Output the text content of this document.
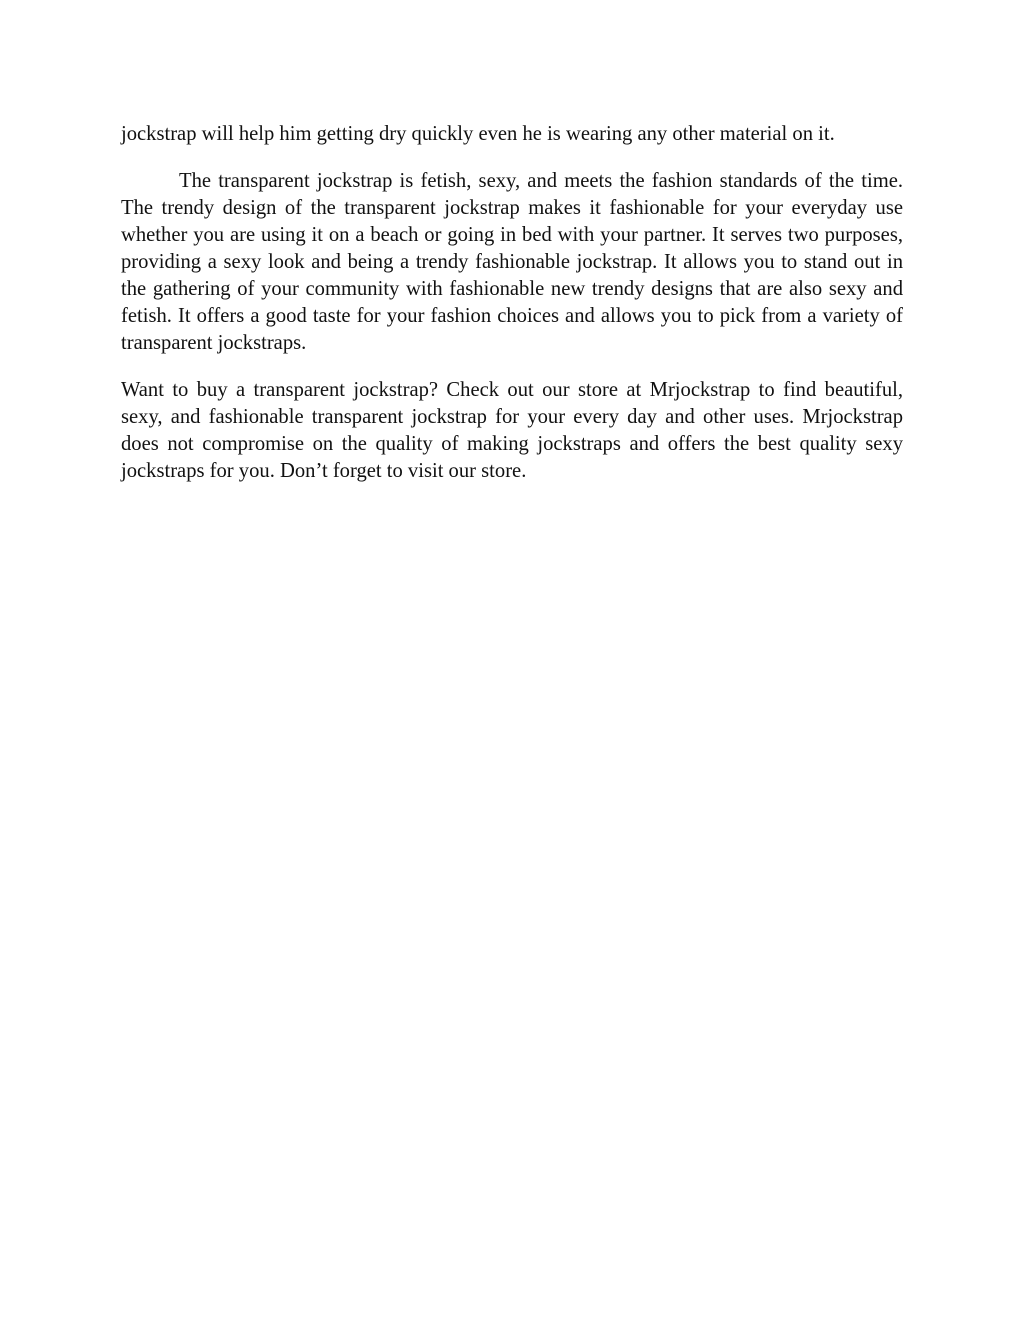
jockstrap will help him getting dry quickly even he is wearing any other material on it.

The transparent jockstrap is fetish, sexy, and meets the fashion standards of the time. The trendy design of the transparent jockstrap makes it fashionable for your everyday use whether you are using it on a beach or going in bed with your partner. It serves two purposes, providing a sexy look and being a trendy fashionable jockstrap. It allows you to stand out in the gathering of your community with fashionable new trendy designs that are also sexy and fetish. It offers a good taste for your fashion choices and allows you to pick from a variety of transparent jockstraps.

Want to buy a transparent jockstrap? Check out our store at Mrjockstrap to find beautiful, sexy, and fashionable transparent jockstrap for your every day and other uses. Mrjockstrap does not compromise on the quality of making jockstraps and offers the best quality sexy jockstraps for you. Don’t forget to visit our store.
